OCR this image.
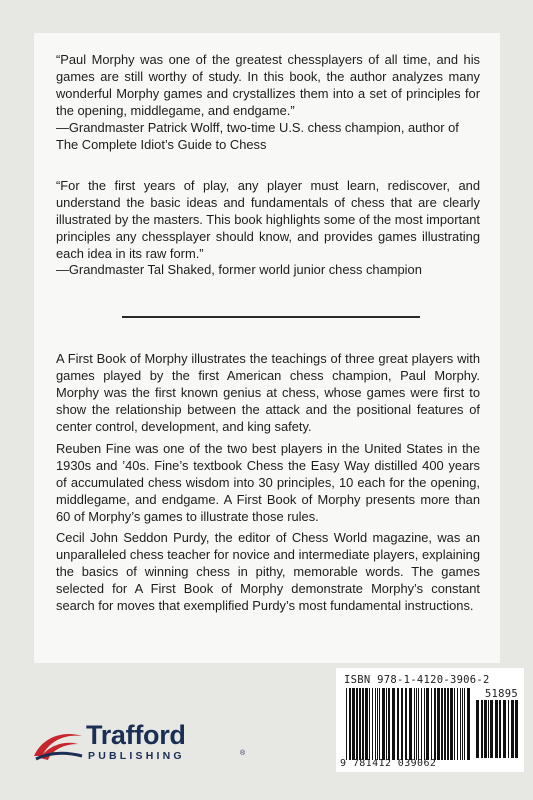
“Paul Morphy was one of the greatest chessplayers of all time, and his games are still worthy of study. In this book, the author analyzes many wonderful Morphy games and crystallizes them into a set of principles for the opening, middlegame, and endgame.”

—Grandmaster Patrick Wolff, two-time U.S. chess champion, author of The Complete Idiot’s Guide to Chess

“For the first years of play, any player must learn, rediscover, and understand the basic ideas and fundamentals of chess that are clearly illustrated by the masters. This book highlights some of the most important principles any chessplayer should know, and provides games illustrating each idea in its raw form.”

—Grandmaster Tal Shaked, former world junior chess champion

A First Book of Morphy illustrates the teachings of three great players with games played by the first American chess champion, Paul Morphy. Morphy was the first known genius at chess, whose games were first to show the relationship between the attack and the positional features of center control, development, and king safety.

Reuben Fine was one of the two best players in the United States in the 1930s and ’40s. Fine’s textbook Chess the Easy Way distilled 400 years of accumulated chess wisdom into 30 principles, 10 each for the opening, middlegame, and endgame. A First Book of Morphy presents more than 60 of Morphy’s games to illustrate those rules.

Cecil John Seddon Purdy, the editor of Chess World magazine, was an unparalleled chess teacher for novice and intermediate players, explaining the basics of winning chess in pithy, memorable words. The games selected for A First Book of Morphy demonstrate Morphy’s constant search for moves that exemplified Purdy’s most fundamental instructions.

ISBN 978-1-4120-3906-2
51895
9 781412 039062
Trafford
PUBLISHING	®
